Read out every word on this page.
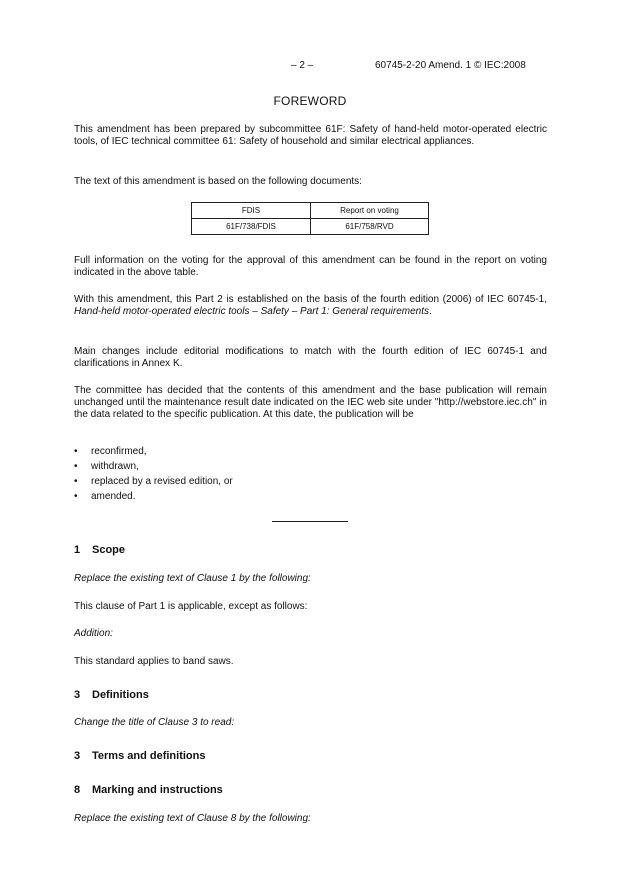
– 2 –	60745-2-20 Amend. 1 © IEC:2008
FOREWORD

This amendment has been prepared by subcommittee 61F: Safety of hand-held motor-operated electric tools, of IEC technical committee 61: Safety of household and similar electrical appliances.

The text of this amendment is based on the following documents:

FDIS	Report on voting
61F/738/FDIS	61F/758/RVD

Full information on the voting for the approval of this amendment can be found in the report on voting indicated in the above table.

With this amendment, this Part 2 is established on the basis of the fourth edition (2006) of IEC 60745-1, Hand-held motor-operated electric tools – Safety – Part 1: General requirements.

Main changes include editorial modifications to match with the fourth edition of IEC 60745-1 and clarifications in Annex K.

The committee has decided that the contents of this amendment and the base publication will remain unchanged until the maintenance result date indicated on the IEC web site under "http://webstore.iec.ch" in the data related to the specific publication. At this date, the publication will be

• reconfirmed,
• withdrawn,
• replaced by a revised edition, or
• amended.
1 Scope
Replace the existing text of Clause 1 by the following:
This clause of Part 1 is applicable, except as follows:
Addition:
This standard applies to band saws.
3 Definitions
Change the title of Clause 3 to read:
3 Terms and definitions
8 Marking and instructions
Replace the existing text of Clause 8 by the following:
